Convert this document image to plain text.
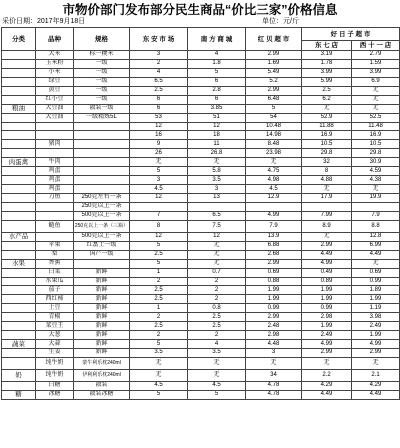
市物价部门发布部分民生商品“价比三家”价格信息
采价日期：2017年9月18日	单位：元/斤
分类	品种	规格	东 安 市 场	南 方 商 城	红 贝 超 市	好 日 子 超 市	
						东 七 店	西 十 一 店
	大米	标一粳米	3	4	2.99	3.19	2.79
	玉米粉	一级	2	1.8	1.69	1.78	1.59
	小米	一级	4	5	5.49	3.99	3.99
	绿豆	一级	6.5	6	5.2	5.99	6.9
	黄豆	一级	2.5	2.8	2.99	2.5	无
	红小豆	一级	6	6	6.48	6.2	无
粮油	大豆油	散装一级	6	3.85	5	无	无
	大豆油	一级精炼5L	53	51	54	52.9	52.5
			12	12	10.48	11.88	11.48
			16	18	14.98	16.9	16.9
	猪肉		9	11	8.48	10.5	10.5
			26	26.8	23.98	29.8	29.8
肉蛋禽	牛肉		无	无	无	32	30.9
	鸡蛋		5	5.8	4.75	8	4.59
	鸡蛋		3	3.5	4.98	4.88	4.38
	鸡蛋		4.5	3	4.5	无	无
	刀鱼	250克左右一条	12	13	12.9	17.9	19.9
		250克以上一条					
		500克以上一条	7	6.5	4.99	7.99	7.9
	鲢鱼	250克以上一条（三瓶）	8	7.5	7.9	8.9	8.8
水产品		500克以上一条	12	12	13.9	无	12.8
	苹果	红富士一级	5	无	6.88	2.99	6.99
	梨	国产一级	2.5	无	2.68	4.49	4.49
水果	香蕉		5	无	2.99	4.99	无
	白菜	新鲜	1	0.7	0.69	0.49	0.69
	水果瓜	新鲜	2	2	0.88	0.89	0.99
	茄子	新鲜	2.5	2	1.99	1.99	1.89
	西红柿	新鲜	2.5	2	1.99	1.99	1.99
	土豆	新鲜	1	0.8	0.99	0.99	1.19
	青椒	新鲜	2	2.5	2.99	2.98	3.98
	菜豆王	新鲜	2.5	2.5	2.48	1.99	2.49
	大葱	新鲜	2	2	2.98	2.49	1.99
蔬菜	大蒜	新鲜	5	4	4.48	4.99	4.99
	生姜	新鲜	3.5	3.5	3	2.99	2.99
	纯牛奶	蒙牛利乐枕240ml	无	无	无	无	无
奶	纯牛奶	伊利利乐枕240ml	无	无	34	2.2	2.1
	白糖	散装	4.5	4.5	4.78	4.29	4.29
糖	冰糖	散装冰糖	5	5	4.78	4.49	4.49
